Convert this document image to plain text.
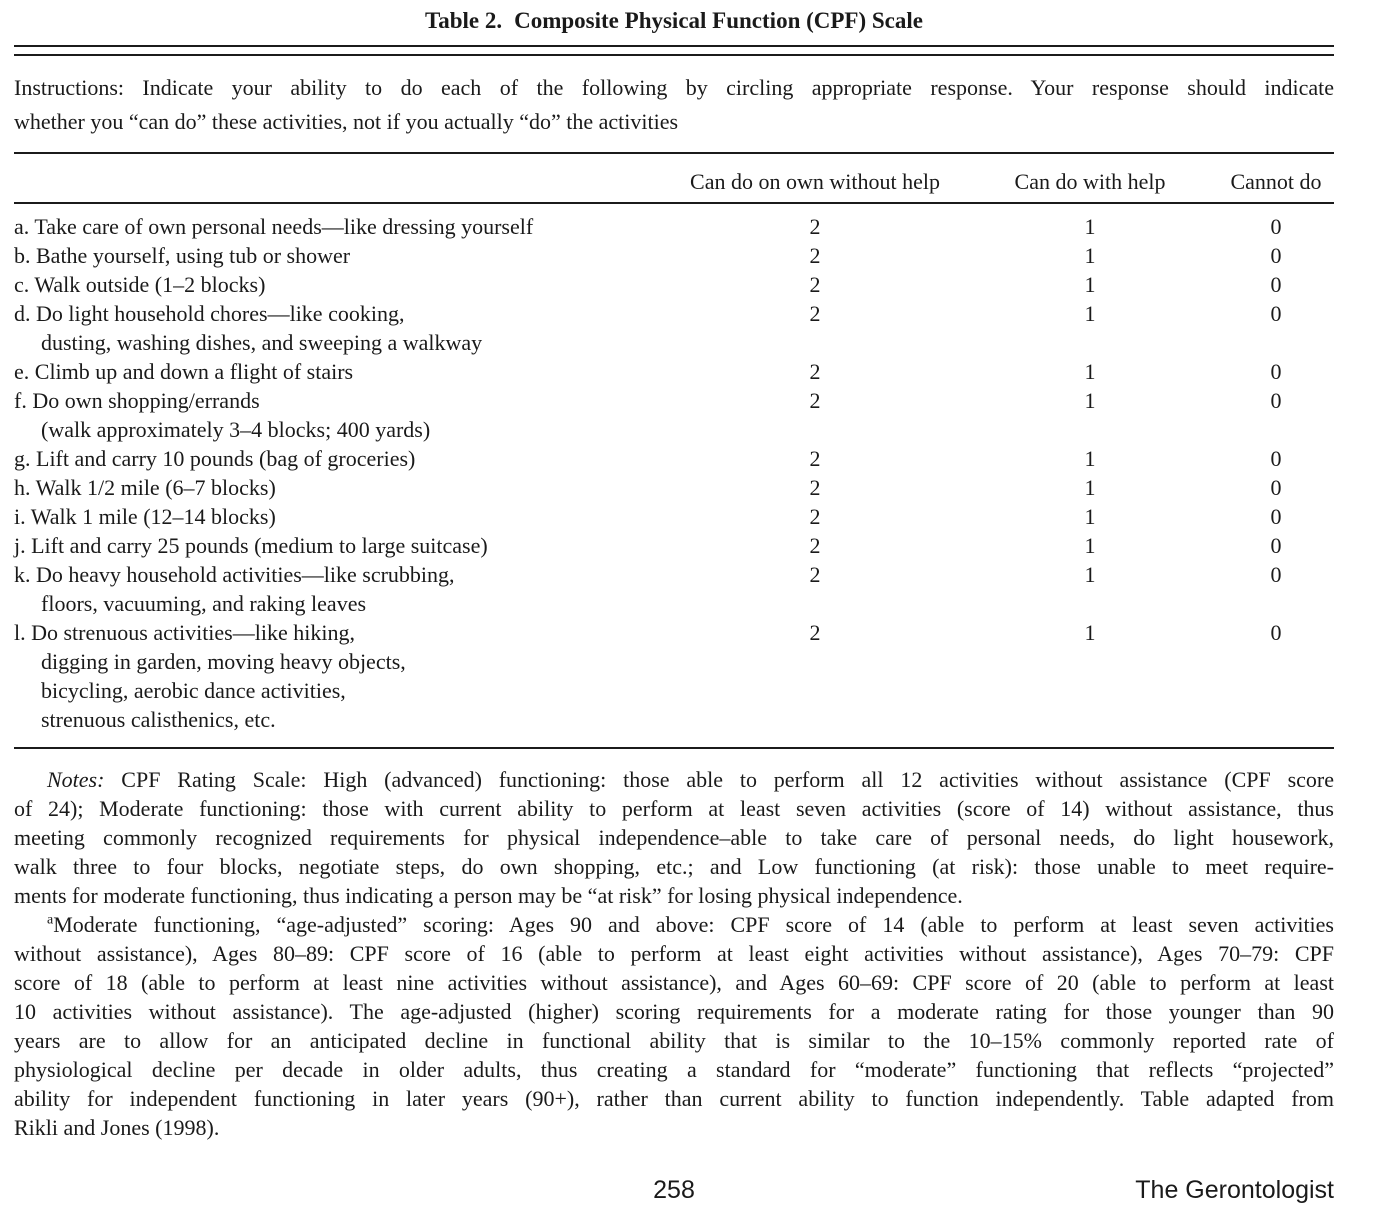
Table 2. Composite Physical Function (CPF) Scale
Instructions: Indicate your ability to do each of the following by circling appropriate response. Your response should indicate
whether you “can do” these activities, not if you actually “do” the activities
Can do on own without help	Can do with help	Cannot do
a. Take care of own personal needs—like dressing yourself	2	1	0
b. Bathe yourself, using tub or shower	2	1	0
c. Walk outside (1–2 blocks)	2	1	0
d. Do light household chores—like cooking,
dusting, washing dishes, and sweeping a walkway
2	1	0
e. Climb up and down a flight of stairs	2	1	0
f. Do own shopping/errands
(walk approximately 3–4 blocks; 400 yards)
2	1	0
g. Lift and carry 10 pounds (bag of groceries)	2	1	0
h. Walk 1/2 mile (6–7 blocks)	2	1	0
i. Walk 1 mile (12–14 blocks)	2	1	0
j. Lift and carry 25 pounds (medium to large suitcase)	2	1	0
k. Do heavy household activities—like scrubbing,
floors, vacuuming, and raking leaves
2	1	0
l. Do strenuous activities—like hiking,
digging in garden, moving heavy objects,
bicycling, aerobic dance activities,
strenuous calisthenics, etc.
2	1	0
Notes: CPF Rating Scale: High (advanced) functioning: those able to perform all 12 activities without assistance (CPF score
of 24); Moderate functioning: those with current ability to perform at least seven activities (score of 14) without assistance, thus
meeting commonly recognized requirements for physical independence–able to take care of personal needs, do light housework,
walk three to four blocks, negotiate steps, do own shopping, etc.; and Low functioning (at risk): those unable to meet require-
ments for moderate functioning, thus indicating a person may be “at risk” for losing physical independence.
$^a$Moderate functioning, “age-adjusted” scoring: Ages 90 and above: CPF score of 14 (able to perform at least seven activities
without assistance), Ages 80–89: CPF score of 16 (able to perform at least eight activities without assistance), Ages 70–79: CPF
score of 18 (able to perform at least nine activities without assistance), and Ages 60–69: CPF score of 20 (able to perform at least
10 activities without assistance). The age-adjusted (higher) scoring requirements for a moderate rating for those younger than 90
years are to allow for an anticipated decline in functional ability that is similar to the 10–15% commonly reported rate of
physiological decline per decade in older adults, thus creating a standard for “moderate” functioning that reflects “projected”
ability for independent functioning in later years (90+), rather than current ability to function independently. Table adapted from
Rikli and Jones (1998).
258	The Gerontologist
